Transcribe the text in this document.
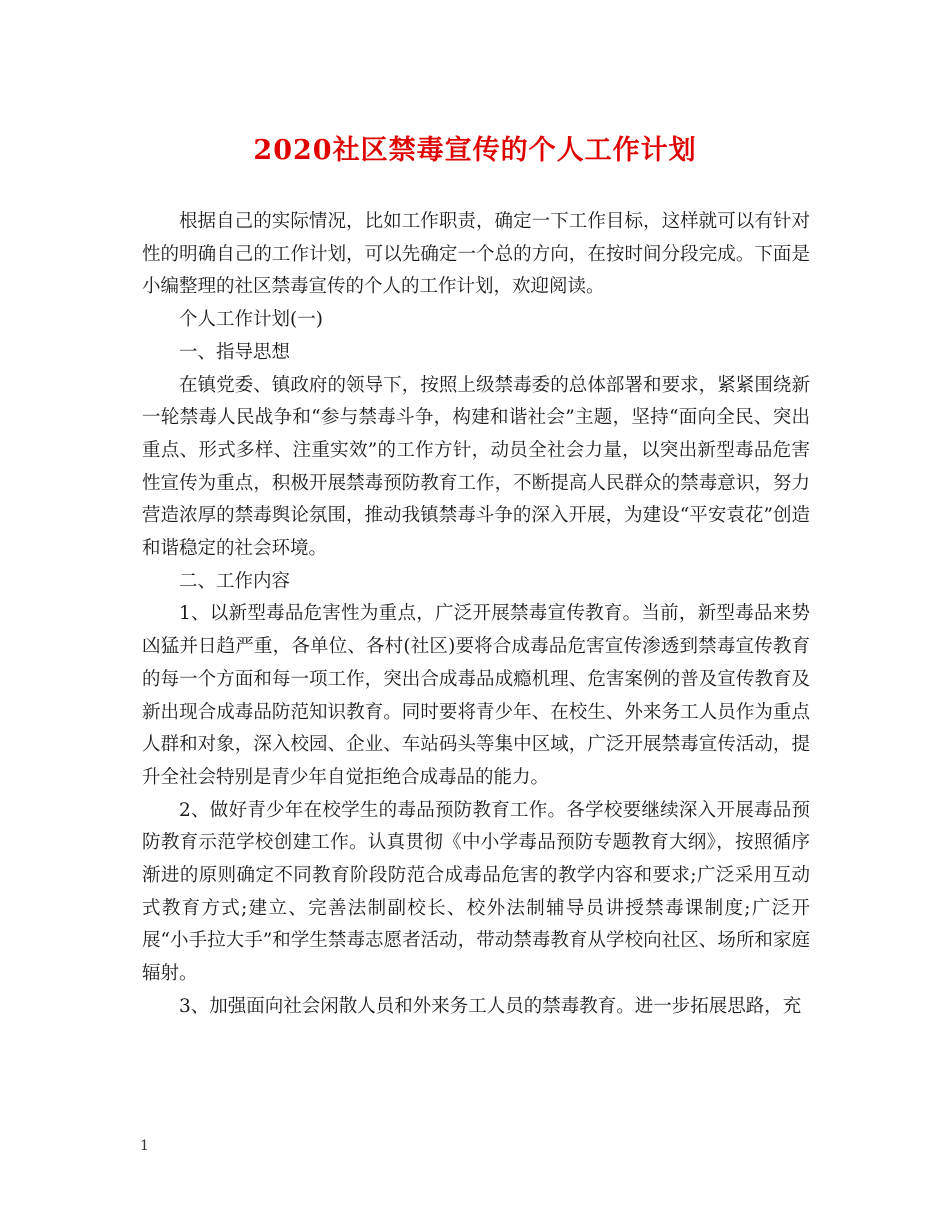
2020社区禁毒宣传的个人工作计划

根据自己的实际情况，比如工作职责，确定一下工作目标，这样就可以有针对性的明确自己的工作计划，可以先确定一个总的方向，在按时间分段完成。下面是小编整理的社区禁毒宣传的个人的工作计划，欢迎阅读。

个人工作计划(一)

一、指导思想

在镇党委、镇政府的领导下，按照上级禁毒委的总体部署和要求，紧紧围绕新一轮禁毒人民战争和“参与禁毒斗争，构建和谐社会”主题，坚持“面向全民、突出重点、形式多样、注重实效”的工作方针，动员全社会力量，以突出新型毒品危害性宣传为重点，积极开展禁毒预防教育工作，不断提高人民群众的禁毒意识，努力营造浓厚的禁毒舆论氛围，推动我镇禁毒斗争的深入开展，为建设“平安袁花”创造和谐稳定的社会环境。

二、工作内容

1、以新型毒品危害性为重点，广泛开展禁毒宣传教育。当前，新型毒品来势凶猛并日趋严重，各单位、各村(社区)要将合成毒品危害宣传渗透到禁毒宣传教育的每一个方面和每一项工作，突出合成毒品成瘾机理、危害案例的普及宣传教育及新出现合成毒品防范知识教育。同时要将青少年、在校生、外来务工人员作为重点人群和对象，深入校园、企业、车站码头等集中区域，广泛开展禁毒宣传活动，提升全社会特别是青少年自觉拒绝合成毒品的能力。

2、做好青少年在校学生的毒品预防教育工作。各学校要继续深入开展毒品预防教育示范学校创建工作。认真贯彻《中小学毒品预防专题教育大纲》，按照循序渐进的原则确定不同教育阶段防范合成毒品危害的教学内容和要求;广泛采用互动式教育方式;建立、完善法制副校长、校外法制辅导员讲授禁毒课制度;广泛开展“小手拉大手”和学生禁毒志愿者活动，带动禁毒教育从学校向社区、场所和家庭辐射。

3、加强面向社会闲散人员和外来务工人员的禁毒教育。进一步拓展思路，充

1
